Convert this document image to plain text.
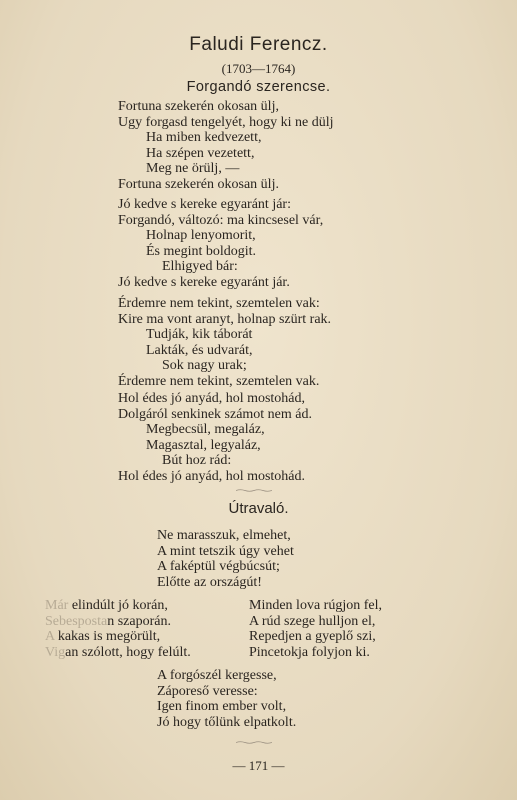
Faludi Ferencz.
(1703—1764)
Forgandó szerencse.
Fortuna szekerén okosan ülj,
Ugy forgasd tengelyét, hogy ki ne dülj
Ha miben kedvezett,
Ha szépen vezetett,
Meg ne örülj, —
Fortuna szekerén okosan ülj.
Jó kedve s kereke egyaránt jár:
Forgandó, változó: ma kincsesel vár,
Holnap lenyomorit,
És megint boldogit.
Elhigyed bár:
Jó kedve s kereke egyaránt jár.
Érdemre nem tekint, szemtelen vak:
Kire ma vont aranyt, holnap szürt rak.
Tudják, kik táborát
Lakták, és udvarát,
Sok nagy urak;
Érdemre nem tekint, szemtelen vak.
Hol édes jó anyád, hol mostohád,
Dolgáról senkinek számot nem ád.
Megbecsül, megaláz,
Magasztal, legyaláz,
Bút hoz rád:
Hol édes jó anyád, hol mostohád.
Útravaló.
Ne marasszuk, elmehet,
A mint tetszik úgy vehet
A faképtül végbúcsút;
Előtte az országút!
Már elindúlt jó korán,
Sebespostan szaporán.
A kakas is megörült,
Vigan szólott, hogy felúlt.
Minden lova rúgjon fel,
A rúd szege hulljon el,
Repedjen a gyeplő szi,
Pincetokja folyjon ki.
A forgószél kergesse,
Záporeső veresse:
Igen finom ember volt,
Jó hogy tőlünk elpatkolt.
— 171 —
